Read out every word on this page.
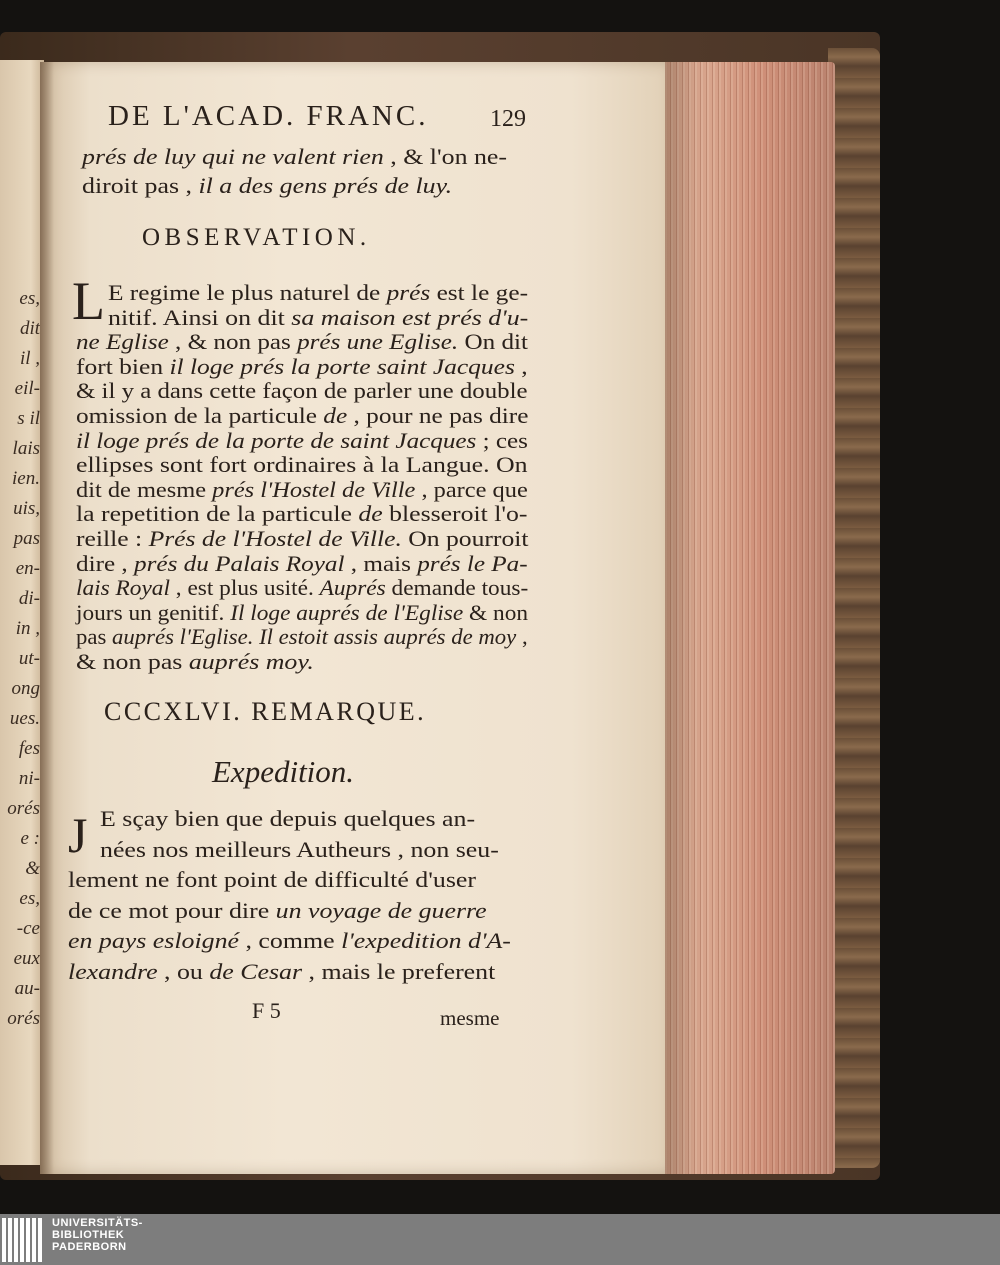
es,
dit
il ,
eil-
s il
lais
ien.
uis,
pas
en-
di-
in ,
ut-
ong
ues.
fes
ni-
orés
e :
&
es,
-ce
eux
au-
orés
DE L'ACAD. FRANC.	129
prés de luy qui ne valent rien , & l'on ne-
diroit pas , il a des gens prés de luy.
OBSERVATION.
L E regime le plus naturel de prés est le ge-
nitif. Ainsi on dit sa maison est prés d'u-
ne Eglise , & non pas prés une Eglise. On dit
fort bien il loge prés la porte saint Jacques ,
& il y a dans cette façon de parler une double
omission de la particule de , pour ne pas dire
il loge prés de la porte de saint Jacques ; ces
ellipses sont fort ordinaires à la Langue. On
dit de mesme prés l'Hostel de Ville , parce que
la repetition de la particule de blesseroit l'o-
reille : Prés de l'Hostel de Ville. On pourroit
dire , prés du Palais Royal , mais prés le Pa-
lais Royal , est plus usité. Auprés demande tous-
jours un genitif. Il loge auprés de l'Eglise & non
pas auprés l'Eglise. Il estoit assis auprés de moy ,
& non pas auprés moy.
CCCXLVI. REMARQUE.
Expedition.
J E sçay bien que depuis quelques an-
nées nos meilleurs Autheurs , non seu-
lement ne font point de difficulté d'user
de ce mot pour dire un voyage de guerre
en pays esloigné , comme l'expedition d'A-
lexandre , ou de Cesar , mais le preferent
F 5	mesme
UNIVERSITÄTS-
BIBLIOTHEK
PADERBORN
